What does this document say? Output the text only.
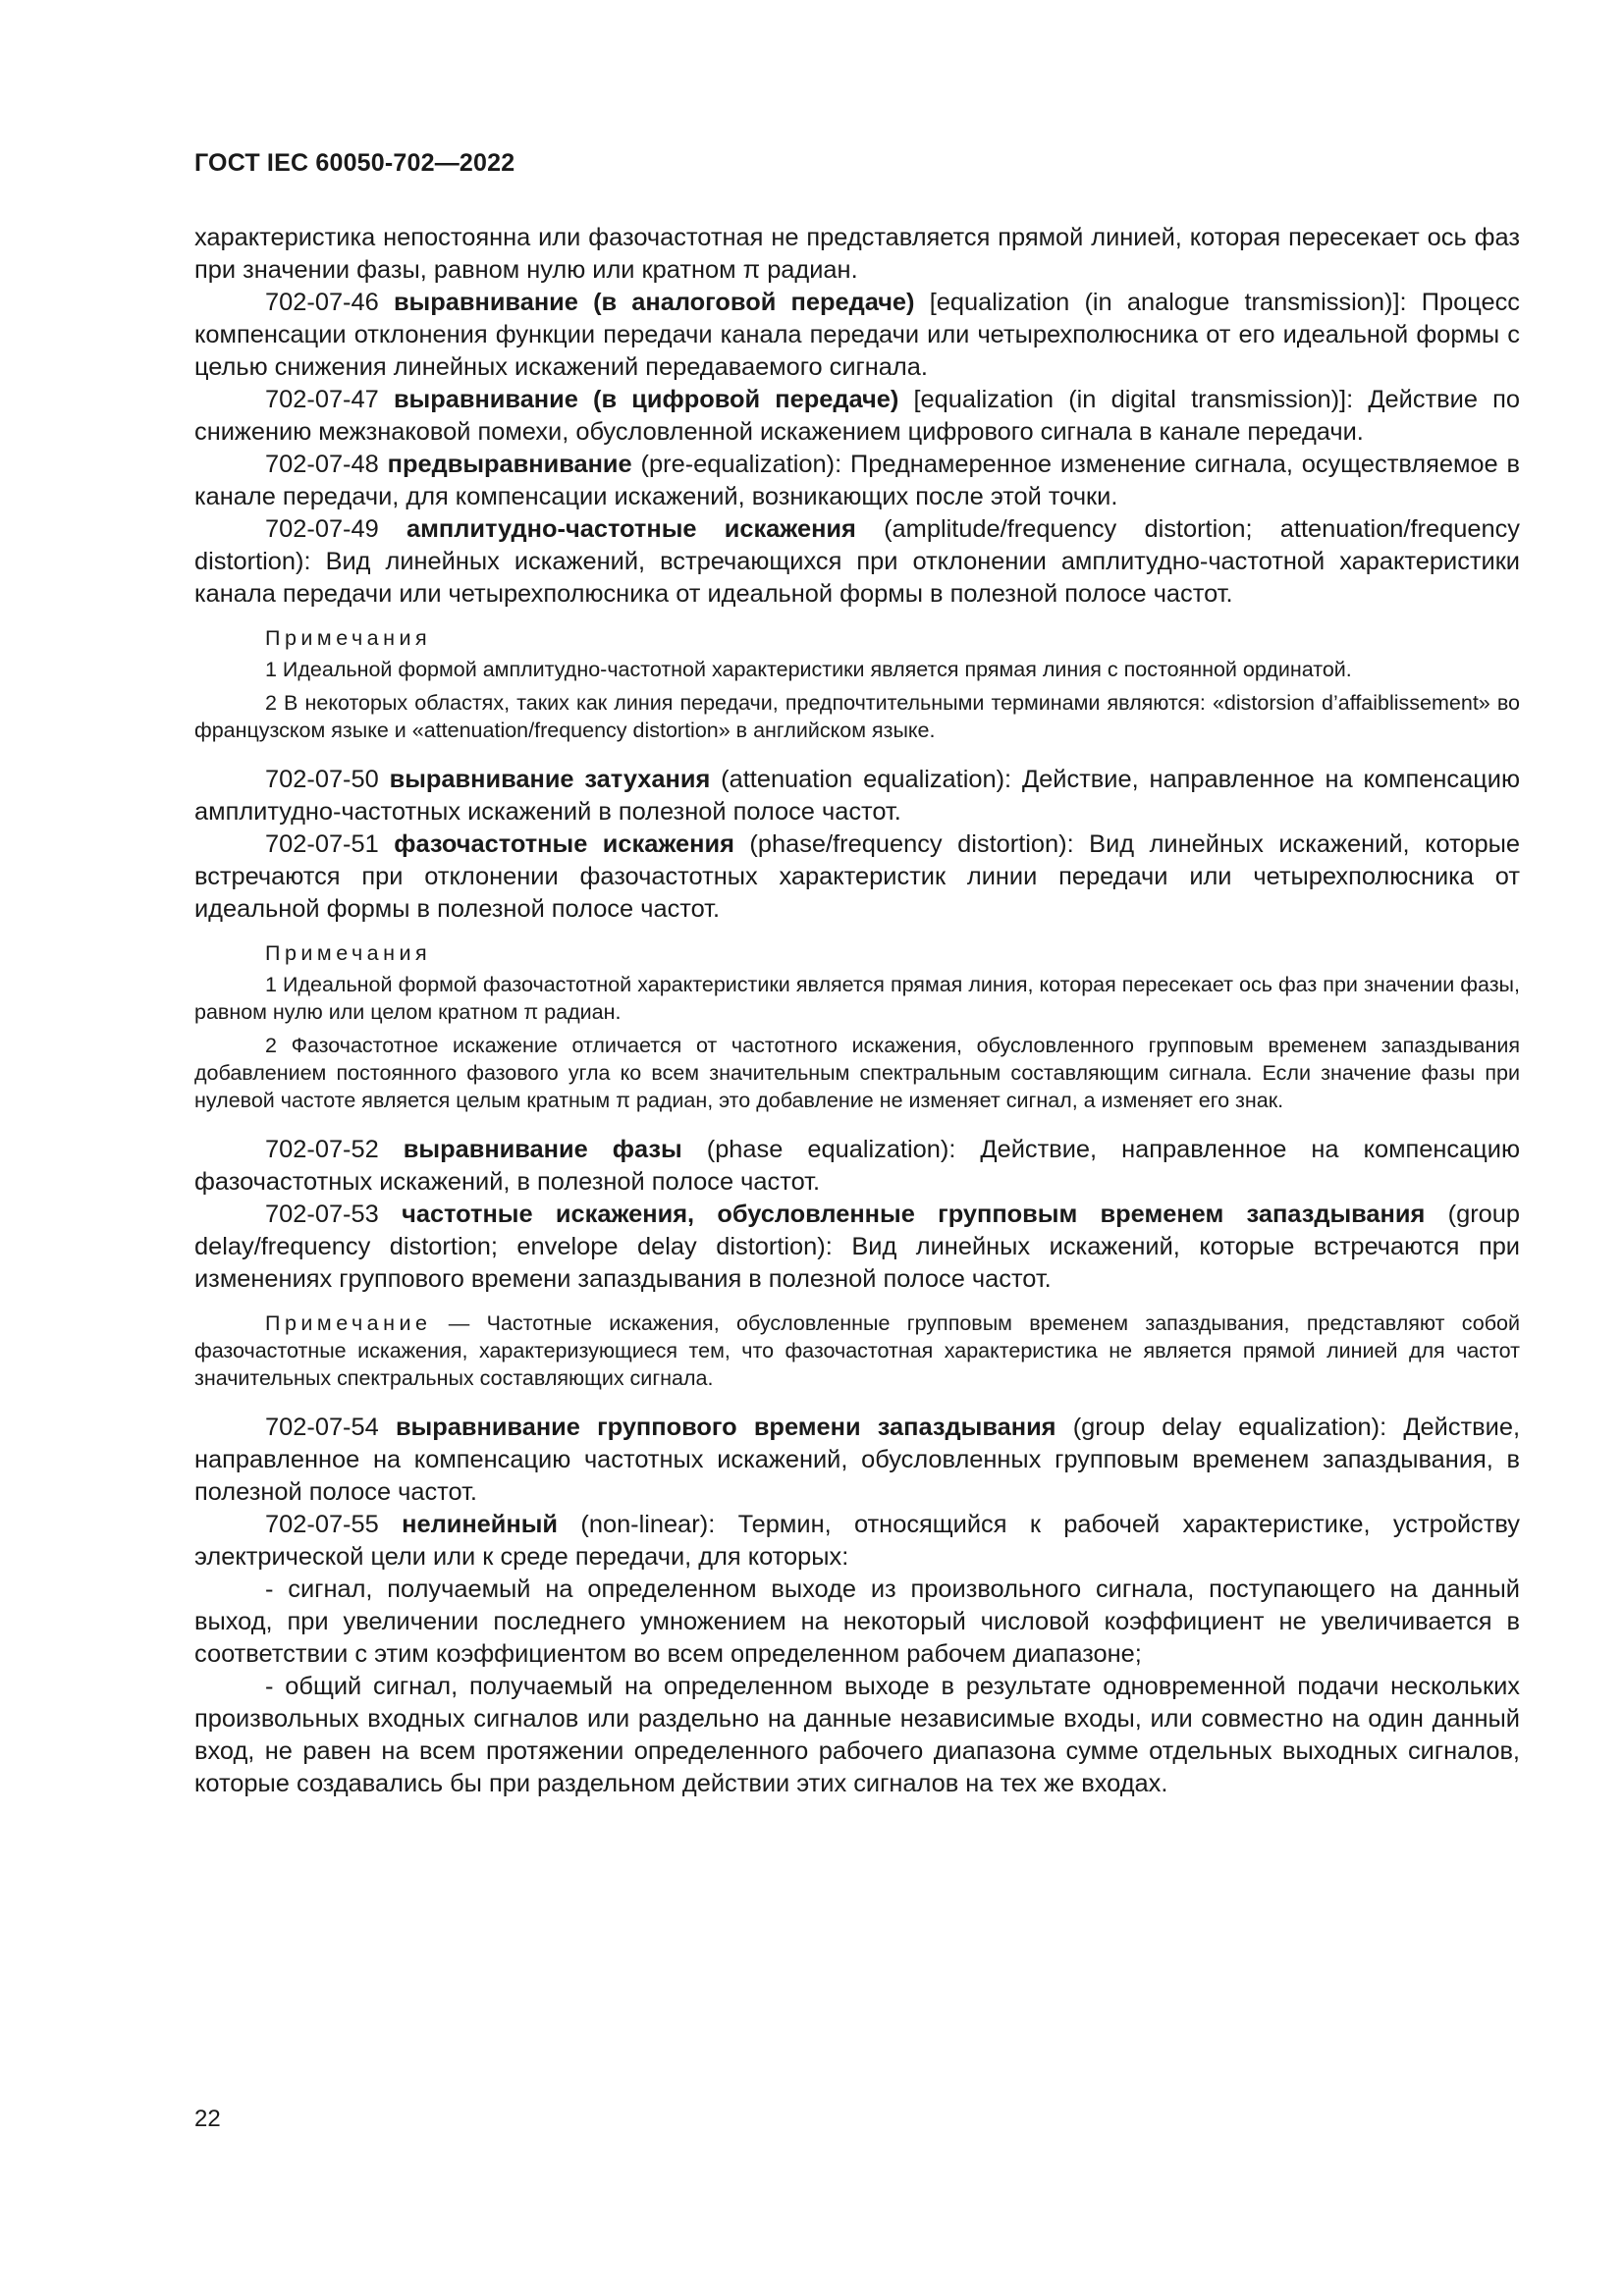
ГОСТ IEC 60050-702—2022

характеристика непостоянна или фазочастотная не представляется прямой линией, которая пересекает ось фаз при значении фазы, равном нулю или кратном π радиан.

702-07-46 выравнивание (в аналоговой передаче) [equalization (in analogue transmission)]: Процесс компенсации отклонения функции передачи канала передачи или четырехполюсника от его идеальной формы с целью снижения линейных искажений передаваемого сигнала.

702-07-47 выравнивание (в цифровой передаче) [equalization (in digital transmission)]: Действие по снижению межзнаковой помехи, обусловленной искажением цифрового сигнала в канале передачи.

702-07-48 предвыравнивание (pre-equalization): Преднамеренное изменение сигнала, осуществляемое в канале передачи, для компенсации искажений, возникающих после этой точки.

702-07-49 амплитудно-частотные искажения (amplitude/frequency distortion; attenuation/frequency distortion): Вид линейных искажений, встречающихся при отклонении амплитудно-частотной характеристики канала передачи или четырехполюсника от идеальной формы в полезной полосе частот.

Примечания

1 Идеальной формой амплитудно-частотной характеристики является прямая линия с постоянной ординатой.

2 В некоторых областях, таких как линия передачи, предпочтительными терминами являются: «distorsion d’affaiblissement» во французском языке и «attenuation/frequency distortion» в английском языке.

702-07-50 выравнивание затухания (attenuation equalization): Действие, направленное на компенсацию амплитудно-частотных искажений в полезной полосе частот.

702-07-51 фазочастотные искажения (phase/frequency distortion): Вид линейных искажений, которые встречаются при отклонении фазочастотных характеристик линии передачи или четырехполюсника от идеальной формы в полезной полосе частот.

Примечания

1 Идеальной формой фазочастотной характеристики является прямая линия, которая пересекает ось фаз при значении фазы, равном нулю или целом кратном π радиан.

2 Фазочастотное искажение отличается от частотного искажения, обусловленного групповым временем запаздывания добавлением постоянного фазового угла ко всем значительным спектральным составляющим сигнала. Если значение фазы при нулевой частоте является целым кратным π радиан, это добавление не изменяет сигнал, а изменяет его знак.

702-07-52 выравнивание фазы (phase equalization): Действие, направленное на компенсацию фазочастотных искажений, в полезной полосе частот.

702-07-53 частотные искажения, обусловленные групповым временем запаздывания (group delay/frequency distortion; envelope delay distortion): Вид линейных искажений, которые встречаются при изменениях группового времени запаздывания в полезной полосе частот.

Примечание — Частотные искажения, обусловленные групповым временем запаздывания, представляют собой фазочастотные искажения, характеризующиеся тем, что фазочастотная характеристика не является прямой линией для частот значительных спектральных составляющих сигнала.

702-07-54 выравнивание группового времени запаздывания (group delay equalization): Действие, направленное на компенсацию частотных искажений, обусловленных групповым временем запаздывания, в полезной полосе частот.

702-07-55 нелинейный (non-linear): Термин, относящийся к рабочей характеристике, устройству электрической цели или к среде передачи, для которых:

- сигнал, получаемый на определенном выходе из произвольного сигнала, поступающего на данный выход, при увеличении последнего умножением на некоторый числовой коэффициент не увеличивается в соответствии с этим коэффициентом во всем определенном рабочем диапазоне;

- общий сигнал, получаемый на определенном выходе в результате одновременной подачи нескольких произвольных входных сигналов или раздельно на данные независимые входы, или совместно на один данный вход, не равен на всем протяжении определенного рабочего диапазона сумме отдельных выходных сигналов, которые создавались бы при раздельном действии этих сигналов на тех же входах.

22
